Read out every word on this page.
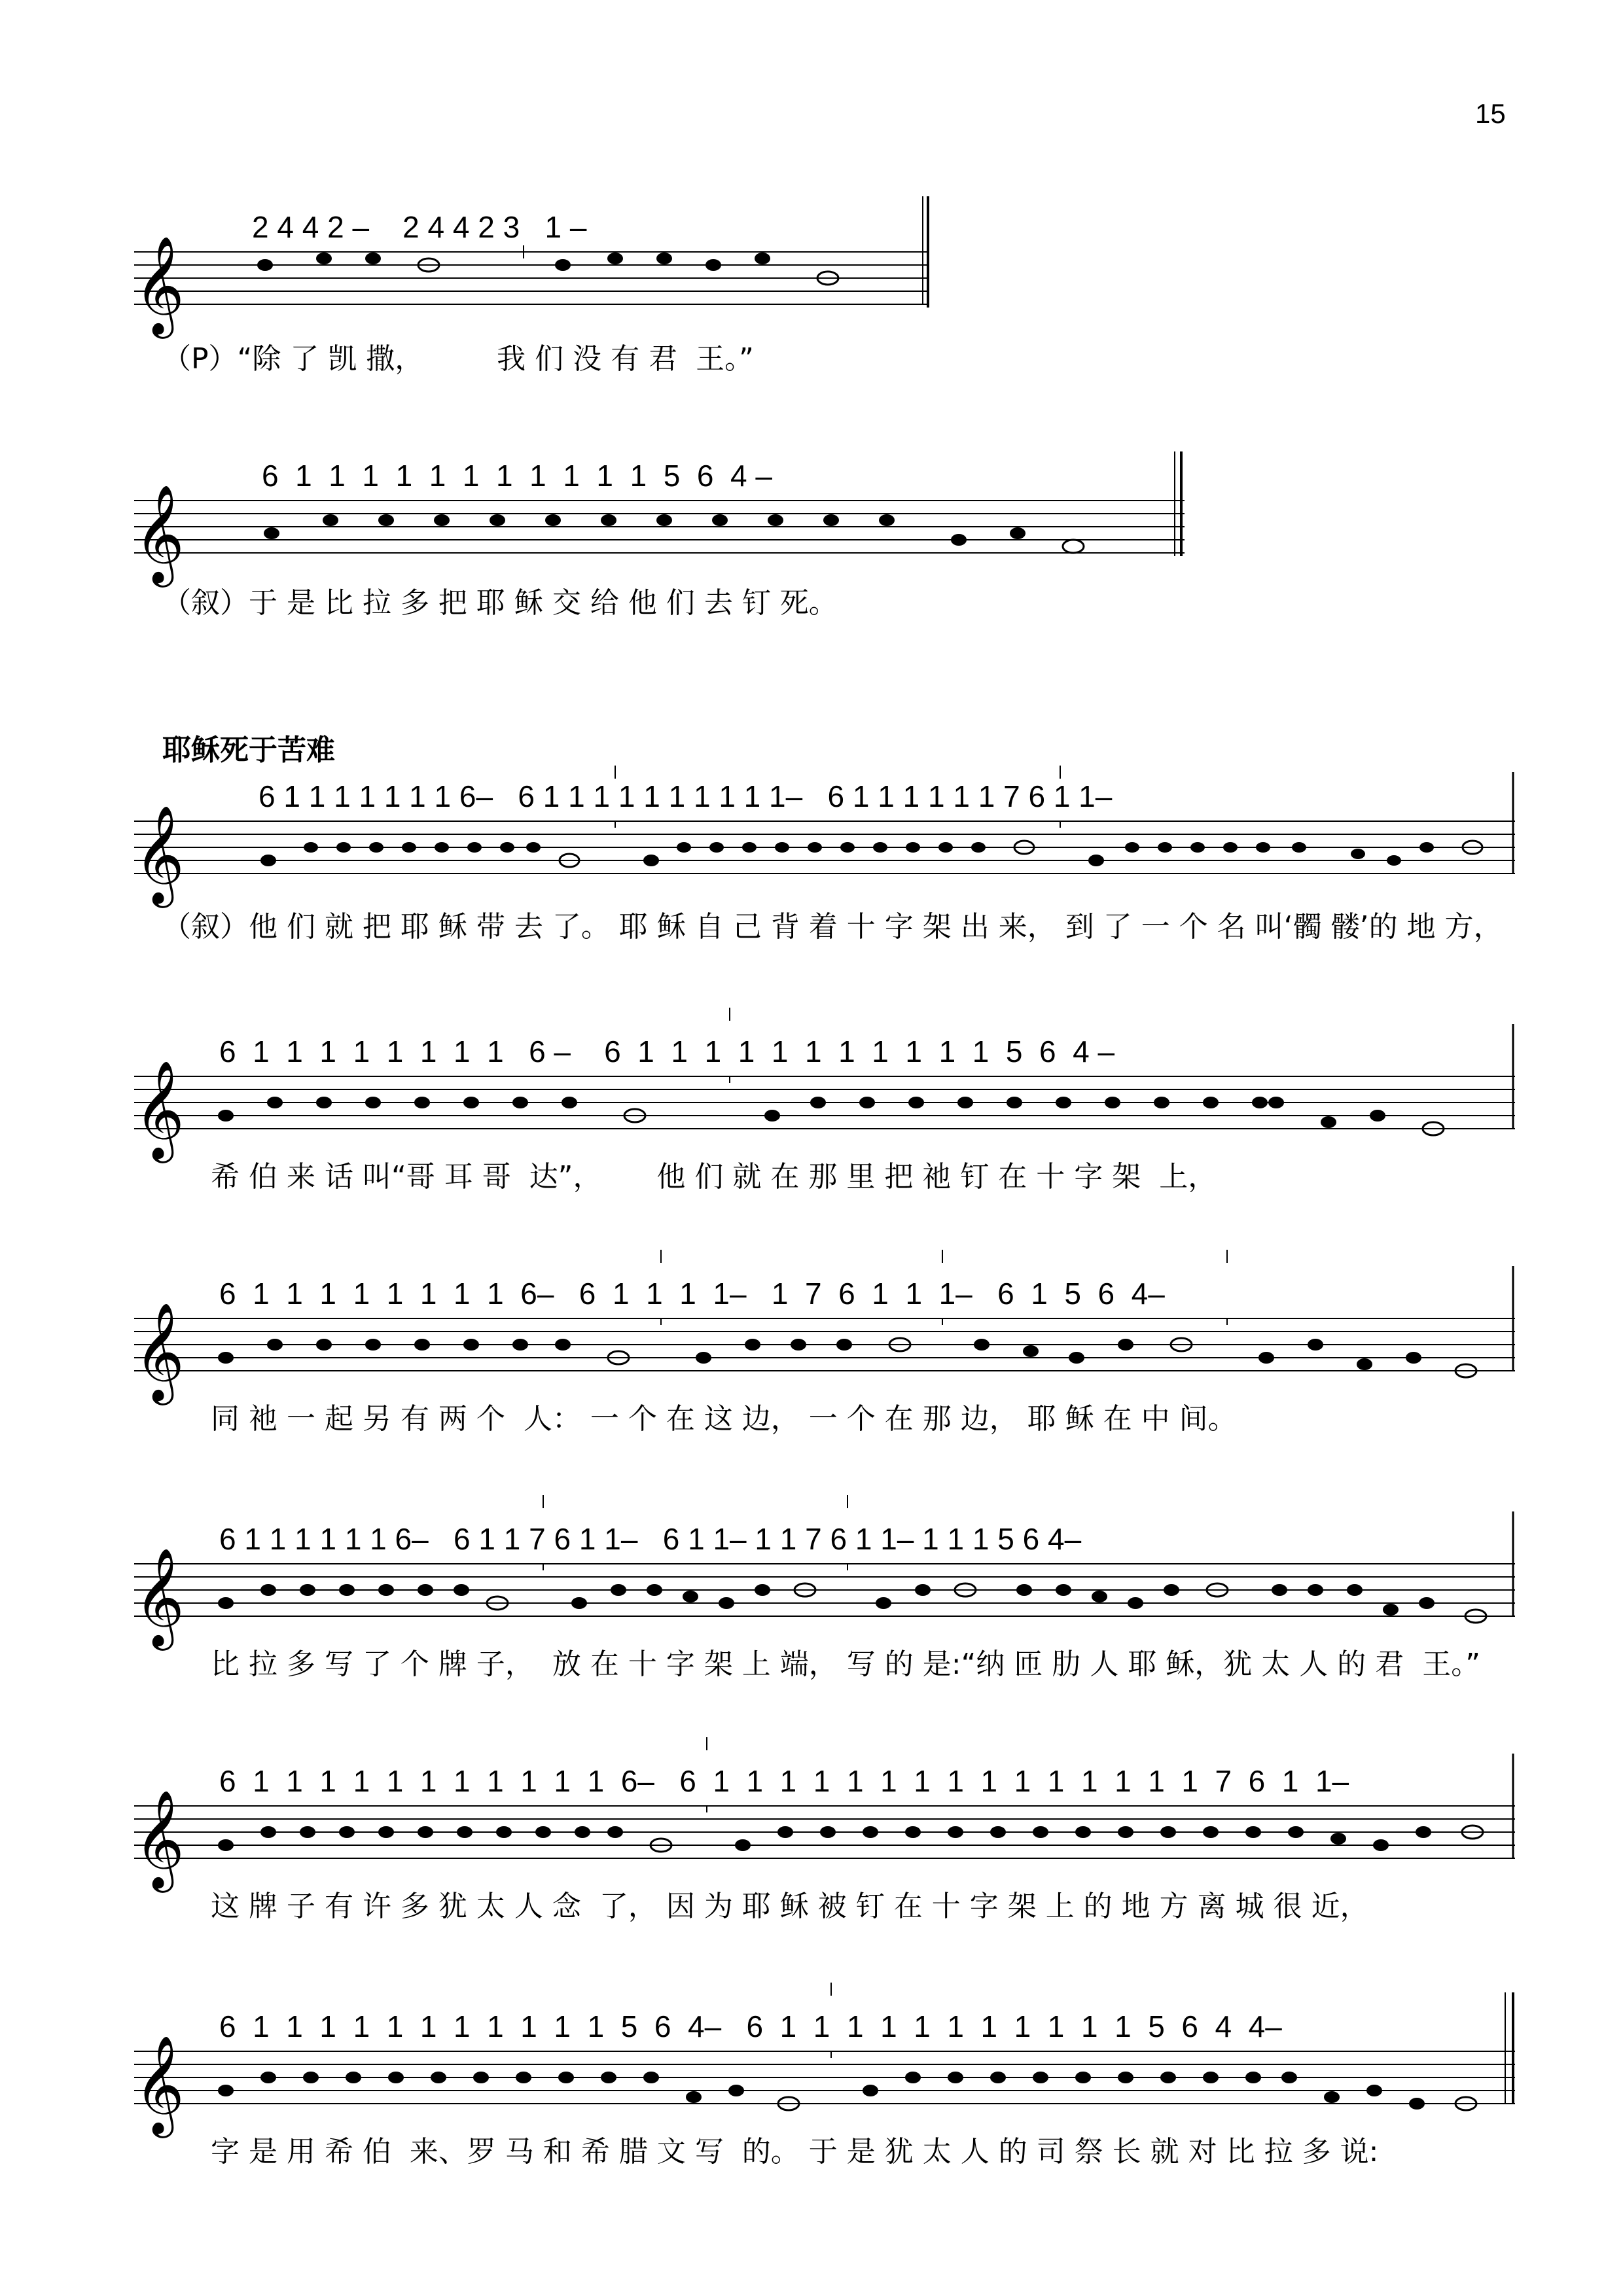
15
耶稣死于苦难
2 4 4 2 –    2 4 4 2 3   1 –
𝄞
（P）“除 了 凯 撒，        我 们 没 有 君  王。”
6  1  1  1  1  1  1  1  1  1  1  1  5  6  4 –
𝄞
（叙）于 是 比 拉 多 把 耶 稣 交 给 他 们 去 钉 死。
6 1 1 1 1 1 1 1 6–   6 1 1 1 1 1 1 1 1 1 1–   6 1 1 1 1 1 1 7 6 1 1–
𝄞
（叙）他 们 就 把 耶 稣 带 去 了。 耶 稣 自 己 背 着 十 字 架 出 来， 到 了 一 个 名 叫‘髑 髅’的 地 方，
6  1  1  1  1  1  1  1  1   6 –    6  1  1  1  1  1  1  1  1  1  1  1  5  6  4 –
𝄞
希 伯 来 话 叫“哥 耳 哥  达”，      他 们 就 在 那 里 把 祂 钉 在 十 字 架  上，
6  1  1  1  1  1  1  1  1  6–   6  1  1  1  1–   1  7  6  1  1  1–   6  1  5  6  4–
𝄞
同 祂 一 起 另 有 两 个  人： 一 个 在 这 边， 一 个 在 那 边， 耶 稣 在 中 间。
6 1 1 1 1 1 1 6–   6 1 1 7 6 1 1–   6 1 1– 1 1 7 6 1 1– 1 1 1 5 6 4–
𝄞
比 拉 多 写 了 个 牌 子，  放 在 十 字 架 上 端， 写 的 是:“纳 匝 肋 人 耶 稣，犹 太 人 的 君  王。”
6  1  1  1  1  1  1  1  1  1  1  1  6–   6  1  1  1  1  1  1  1  1  1  1  1  1  1  1  1  7  6  1  1–
𝄞
这 牌 子 有 许 多 犹 太 人 念  了， 因 为 耶 稣 被 钉 在 十 字 架 上 的 地 方 离 城 很 近，
6  1  1  1  1  1  1  1  1  1  1  1  5  6  4–   6  1  1  1  1  1  1  1  1  1  1  1  5  6  4  4–
𝄞
字 是 用 希 伯  来、罗 马 和 希 腊 文 写  的。 于 是 犹 太 人 的 司 祭 长 就 对 比 拉 多 说:
